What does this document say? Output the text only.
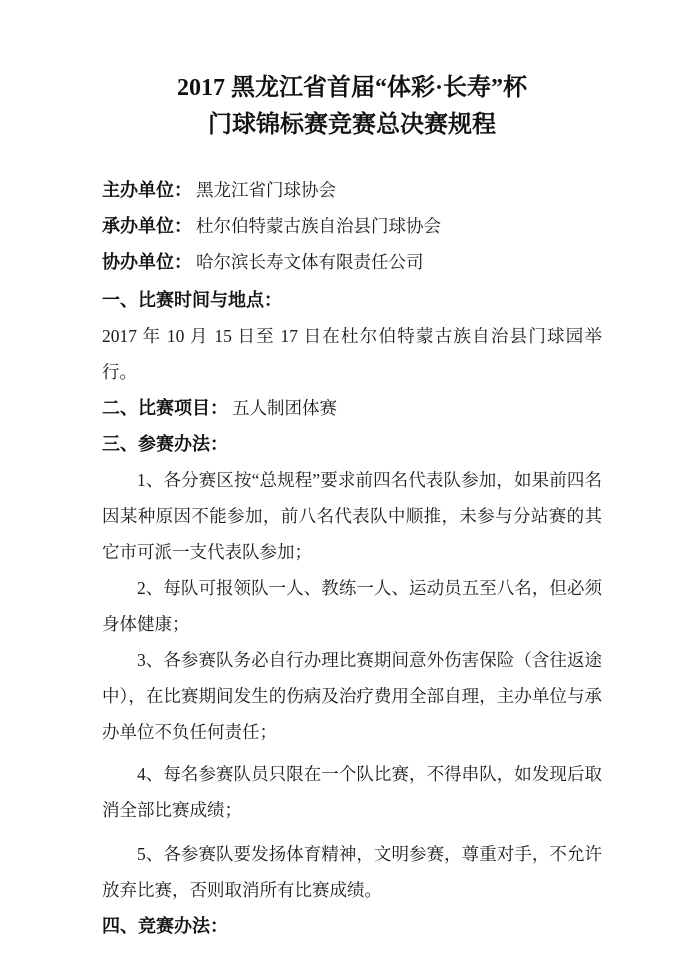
2017 黑龙江省首届“体彩·长寿”杯
门球锦标赛竞赛总决赛规程
主办单位： 黑龙江省门球协会
承办单位： 杜尔伯特蒙古族自治县门球协会
协办单位： 哈尔滨长寿文体有限责任公司
一、比赛时间与地点：

2017 年 10 月 15 日至 17 日在杜尔伯特蒙古族自治县门球园举行。

二、比赛项目： 五人制团体赛
三、参赛办法：

1、各分赛区按“总规程”要求前四名代表队参加，如果前四名因某种原因不能参加，前八名代表队中顺推，未参与分站赛的其它市可派一支代表队参加；

2、每队可报领队一人、教练一人、运动员五至八名，但必须身体健康；

3、各参赛队务必自行办理比赛期间意外伤害保险（含往返途中），在比赛期间发生的伤病及治疗费用全部自理，主办单位与承办单位不负任何责任；

4、每名参赛队员只限在一个队比赛，不得串队，如发现后取消全部比赛成绩；

5、各参赛队要发扬体育精神，文明参赛，尊重对手，不允许放弃比赛，否则取消所有比赛成绩。

四、竞赛办法：
